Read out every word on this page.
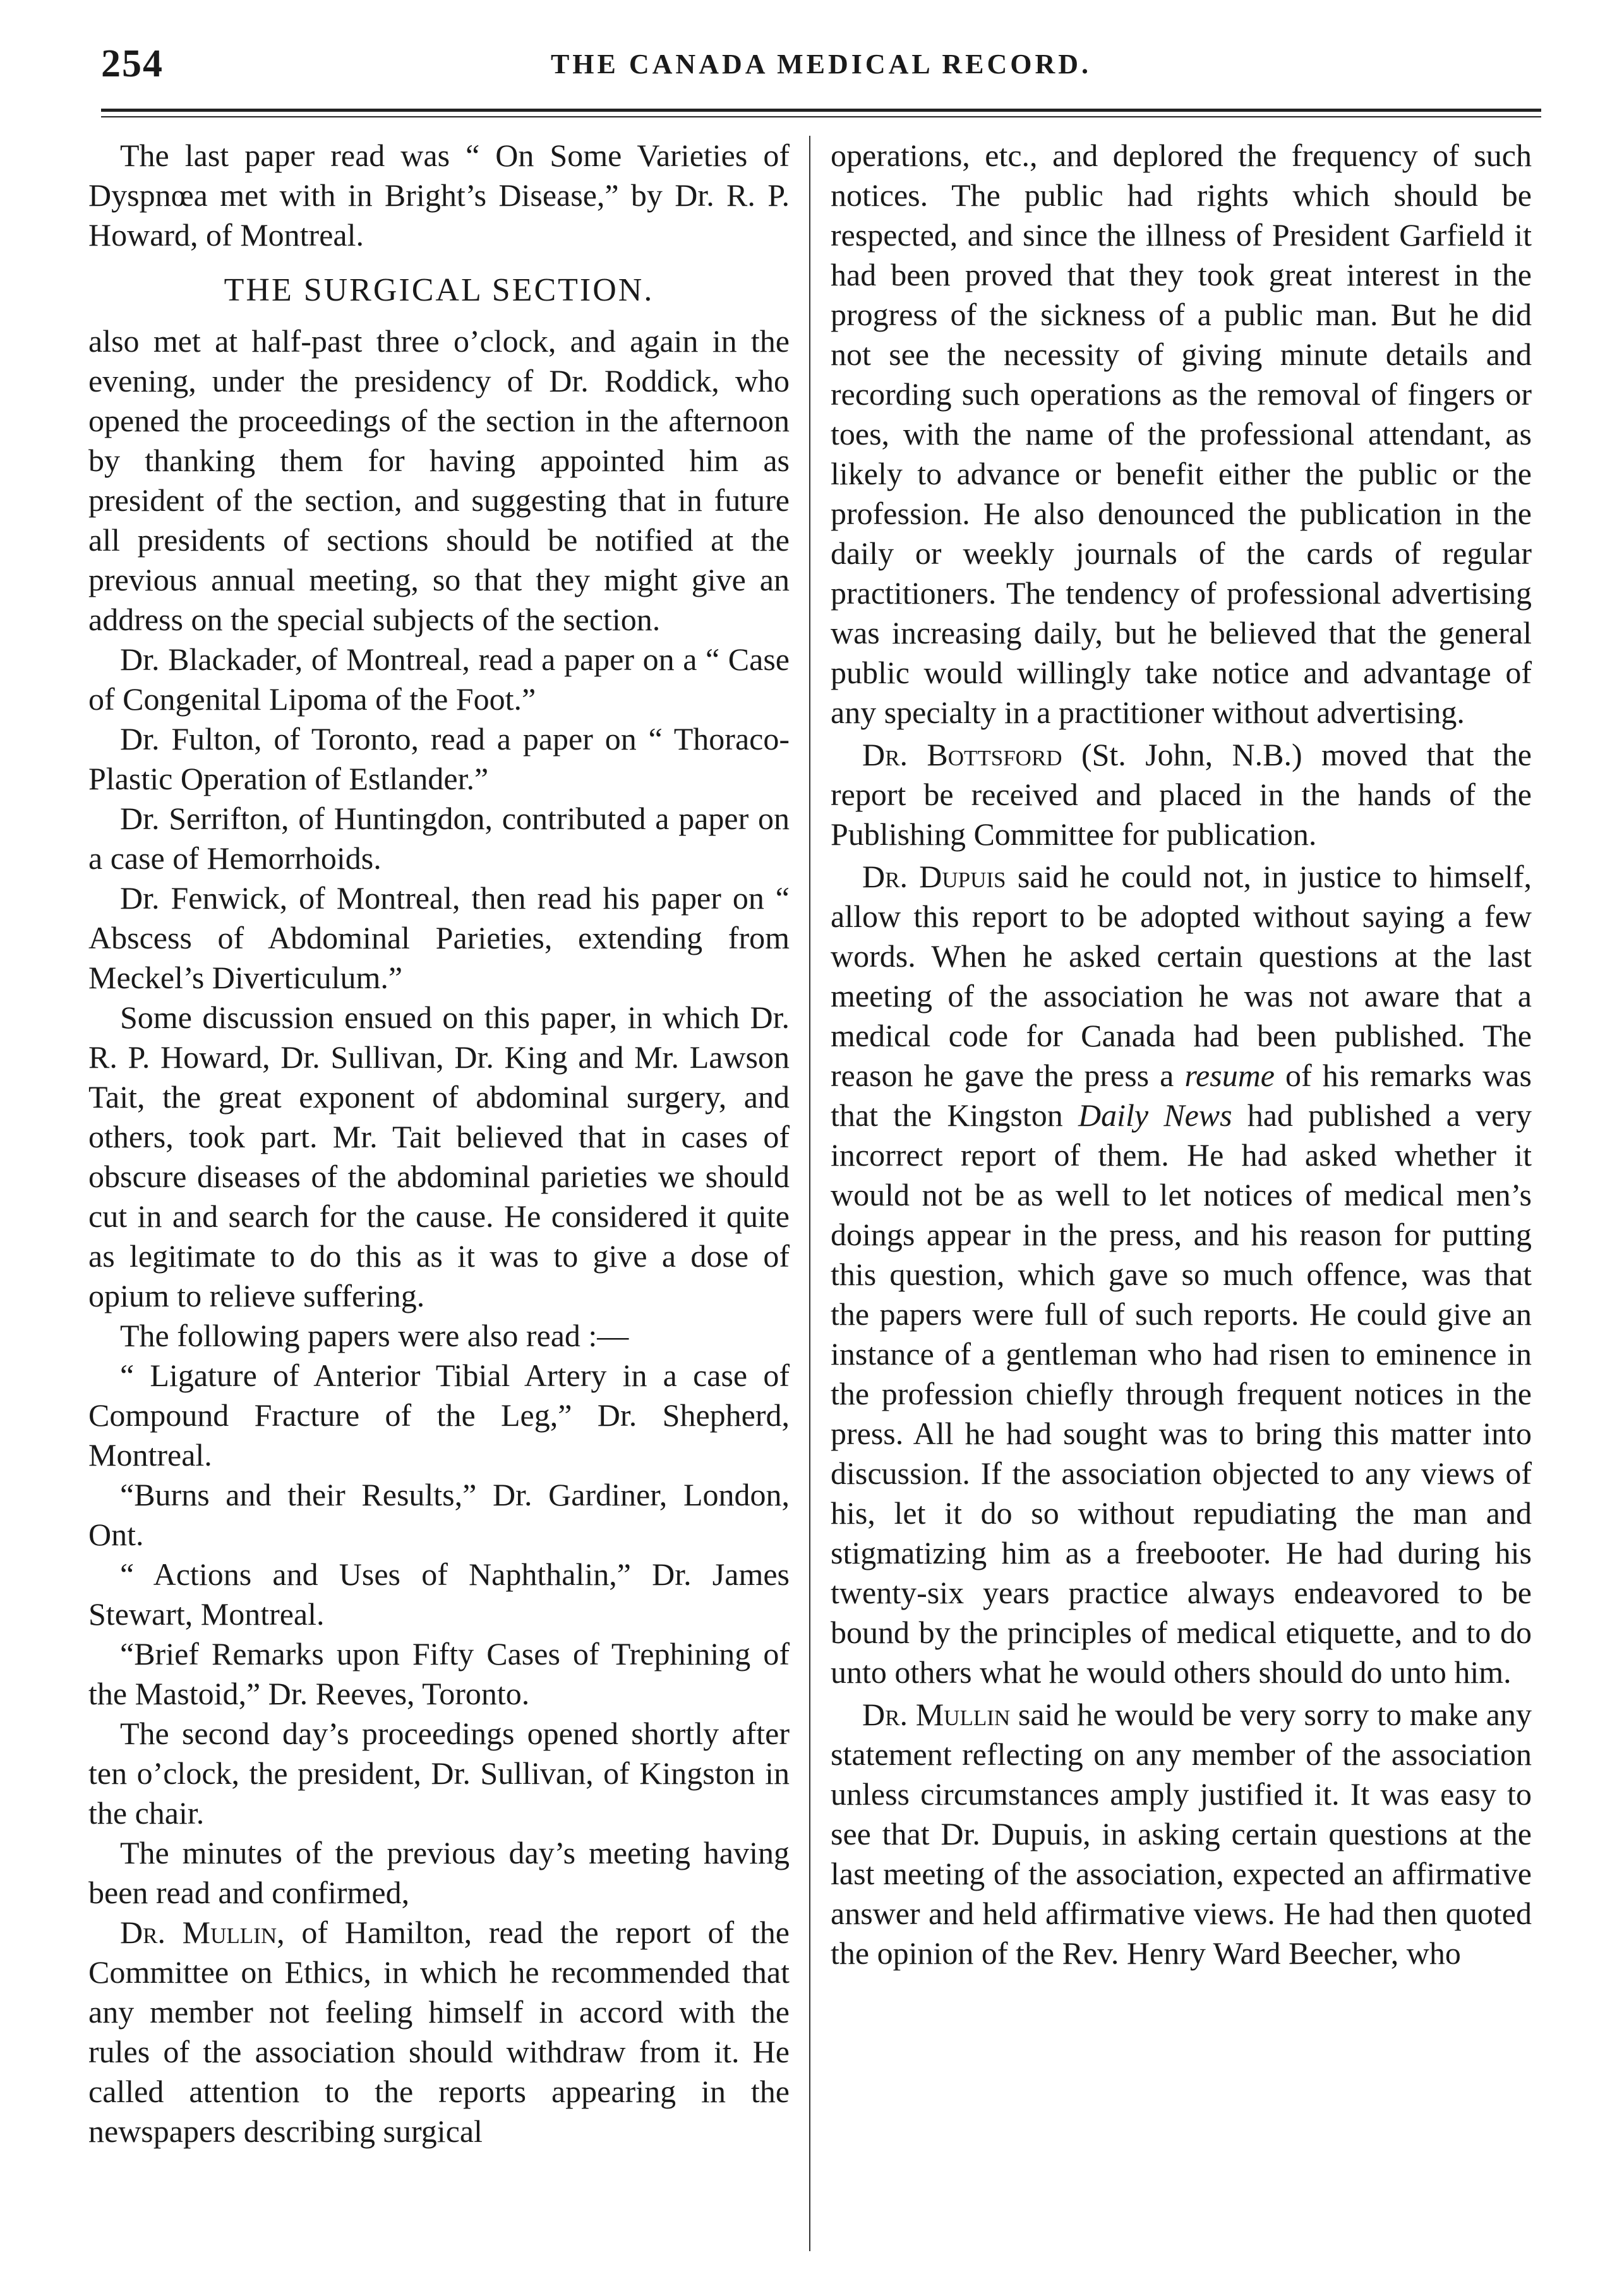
254	THE CANADA MEDICAL RECORD.

The last paper read was “ On Some Varieties of Dyspnœa met with in Bright’s Disease,” by Dr. R. P. Howard, of Montreal.

THE SURGICAL SECTION.

also met at half-past three o’clock, and again in the evening, under the presidency of Dr. Roddick, who opened the proceedings of the section in the afternoon by thanking them for having appointed him as president of the section, and suggesting that in future all presidents of sections should be notified at the previous annual meeting, so that they might give an address on the special subjects of the section.

Dr. Blackader, of Montreal, read a paper on a “ Case of Congenital Lipoma of the Foot.”

Dr. Fulton, of Toronto, read a paper on “ Thoraco-Plastic Operation of Estlander.”

Dr. Serrifton, of Huntingdon, contributed a paper on a case of Hemorrhoids.

Dr. Fenwick, of Montreal, then read his paper on “ Abscess of Abdominal Parieties, extending from Meckel’s Diverticulum.”

Some discussion ensued on this paper, in which Dr. R. P. Howard, Dr. Sullivan, Dr. King and Mr. Lawson Tait, the great exponent of abdominal surgery, and others, took part. Mr. Tait believed that in cases of obscure diseases of the abdominal parieties we should cut in and search for the cause. He considered it quite as legitimate to do this as it was to give a dose of opium to relieve suffering.

The following papers were also read :—

“ Ligature of Anterior Tibial Artery in a case of Compound Fracture of the Leg,” Dr. Shepherd, Montreal.

“Burns and their Results,” Dr. Gardiner, London, Ont.

“ Actions and Uses of Naphthalin,” Dr. James Stewart, Montreal.

“Brief Remarks upon Fifty Cases of Trephining of the Mastoid,” Dr. Reeves, Toronto.

The second day’s proceedings opened shortly after ten o’clock, the president, Dr. Sullivan, of Kingston in the chair.

The minutes of the previous day’s meeting having been read and confirmed,

Dr. Mullin, of Hamilton, read the report of the Committee on Ethics, in which he recommended that any member not feeling himself in accord with the rules of the association should withdraw from it. He called attention to the reports appearing in the newspapers describing surgical

operations, etc., and deplored the frequency of such notices. The public had rights which should be respected, and since the illness of President Garfield it had been proved that they took great interest in the progress of the sickness of a public man. But he did not see the necessity of giving minute details and recording such operations as the removal of fingers or toes, with the name of the professional attendant, as likely to advance or benefit either the public or the profession. He also denounced the publication in the daily or weekly journals of the cards of regular practitioners. The tendency of professional advertising was increasing daily, but he believed that the general public would willingly take notice and advantage of any specialty in a practitioner without advertising.

Dr. Bottsford (St. John, N.B.) moved that the report be received and placed in the hands of the Publishing Committee for publication.

Dr. Dupuis said he could not, in justice to himself, allow this report to be adopted without saying a few words. When he asked certain questions at the last meeting of the association he was not aware that a medical code for Canada had been published. The reason he gave the press a resume of his remarks was that the Kingston Daily News had published a very incorrect report of them. He had asked whether it would not be as well to let notices of medical men’s doings appear in the press, and his reason for putting this question, which gave so much offence, was that the papers were full of such reports. He could give an instance of a gentleman who had risen to eminence in the profession chiefly through frequent notices in the press. All he had sought was to bring this matter into discussion. If the association objected to any views of his, let it do so without repudiating the man and stigmatizing him as a freebooter. He had during his twenty-six years practice always endeavored to be bound by the principles of medical etiquette, and to do unto others what he would others should do unto him.

Dr. Mullin said he would be very sorry to make any statement reflecting on any member of the association unless circumstances amply justified it. It was easy to see that Dr. Dupuis, in asking certain questions at the last meeting of the association, expected an affirmative answer and held affirmative views. He had then quoted the opinion of the Rev. Henry Ward Beecher, who
